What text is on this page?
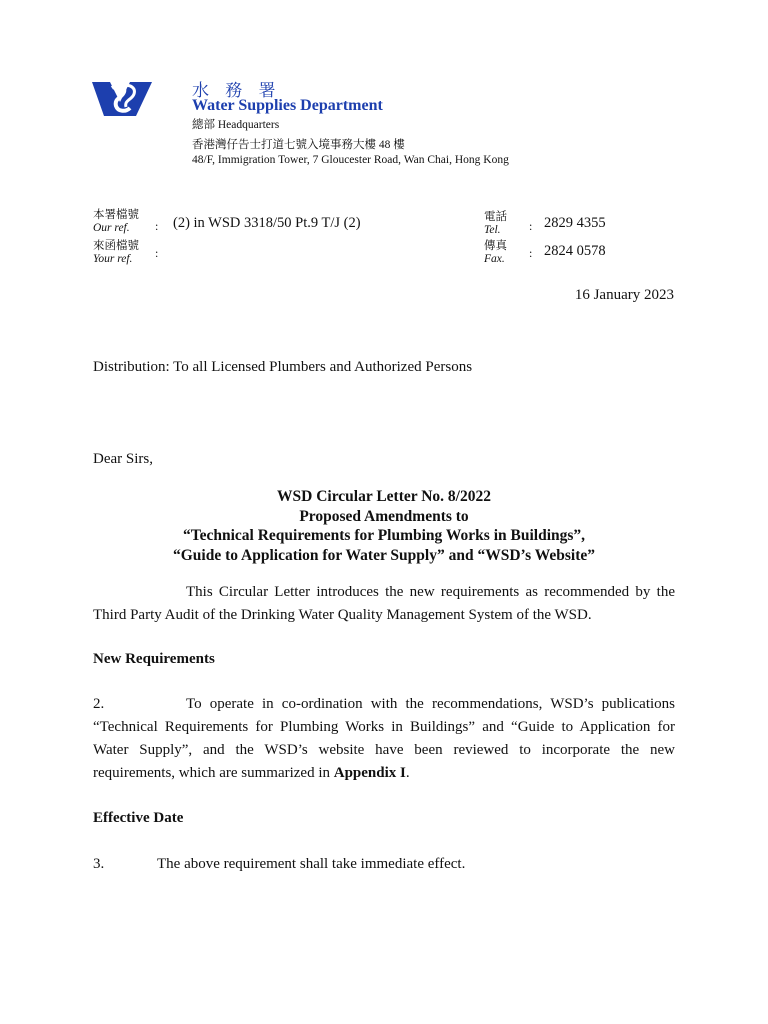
水 務 署
Water Supplies Department
總部 Headquarters
香港灣仔告士打道七號入境事務大樓 48 樓
48/F, Immigration Tower, 7 Gloucester Road, Wan Chai, Hong Kong
本署檔號
Our ref.	: (2) in WSD 3318/50 Pt.9 T/J (2)
來函檔號
Your ref.	:
電話
Tel.	: 2829 4355
傳真
Fax. : 2824 0578
16 January 2023
Distribution: To all Licensed Plumbers and Authorized Persons
Dear Sirs,
WSD Circular Letter No. 8/2022
Proposed Amendments to
“Technical Requirements for Plumbing Works in Buildings”,
“Guide to Application for Water Supply” and “WSD’s Website”
This Circular Letter introduces the new requirements as recommended by the Third Party Audit of the Drinking Water Quality Management System of the WSD.
New Requirements
2.	To operate in co-ordination with the recommendations, WSD’s publications “Technical Requirements for Plumbing Works in Buildings” and “Guide to Application for Water Supply”, and the WSD’s website have been reviewed to incorporate the new requirements, which are summarized in Appendix I.
Effective Date
3.	The above requirement shall take immediate effect.
